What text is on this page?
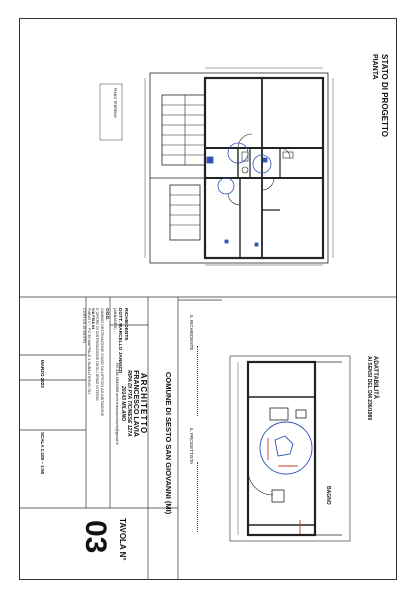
STATO DI PROGETTO
PIANTA
ADATTABILITÀ
AI SENSI DEL DM 236/1989
BAGNO
PIANO TERRENO
ARCHITETTO
FRANCESCO LAVIA
RIPA DI PTA TICINESE 127A
20143 MILANO
Tel 338.6549489 arch.francescolavia@gmail.it
RICHIEDENTE
DOTT. MARCELLO JANNIZZI
(ABBADES)
OGG.
CAMBIO DESTINAZIONE D'USO DA UFFICIO AD ABITAZIONE
E OPERE DI DISTRIBUZIONE DEGLI SPAZI INTERNI
VIA PISA 64
PIANO 1° - FG 39 MAPPALE 4 SUBALTERNO 701
CORTILE DI SESTO
MARZO 2023
SCALA 1:100 – 1:50	COMUNE DI SESTO SAN GIOVANNI (MI)
IL RICHIEDENTE
IL PROGETTISTA
TAVOLA N°
03
